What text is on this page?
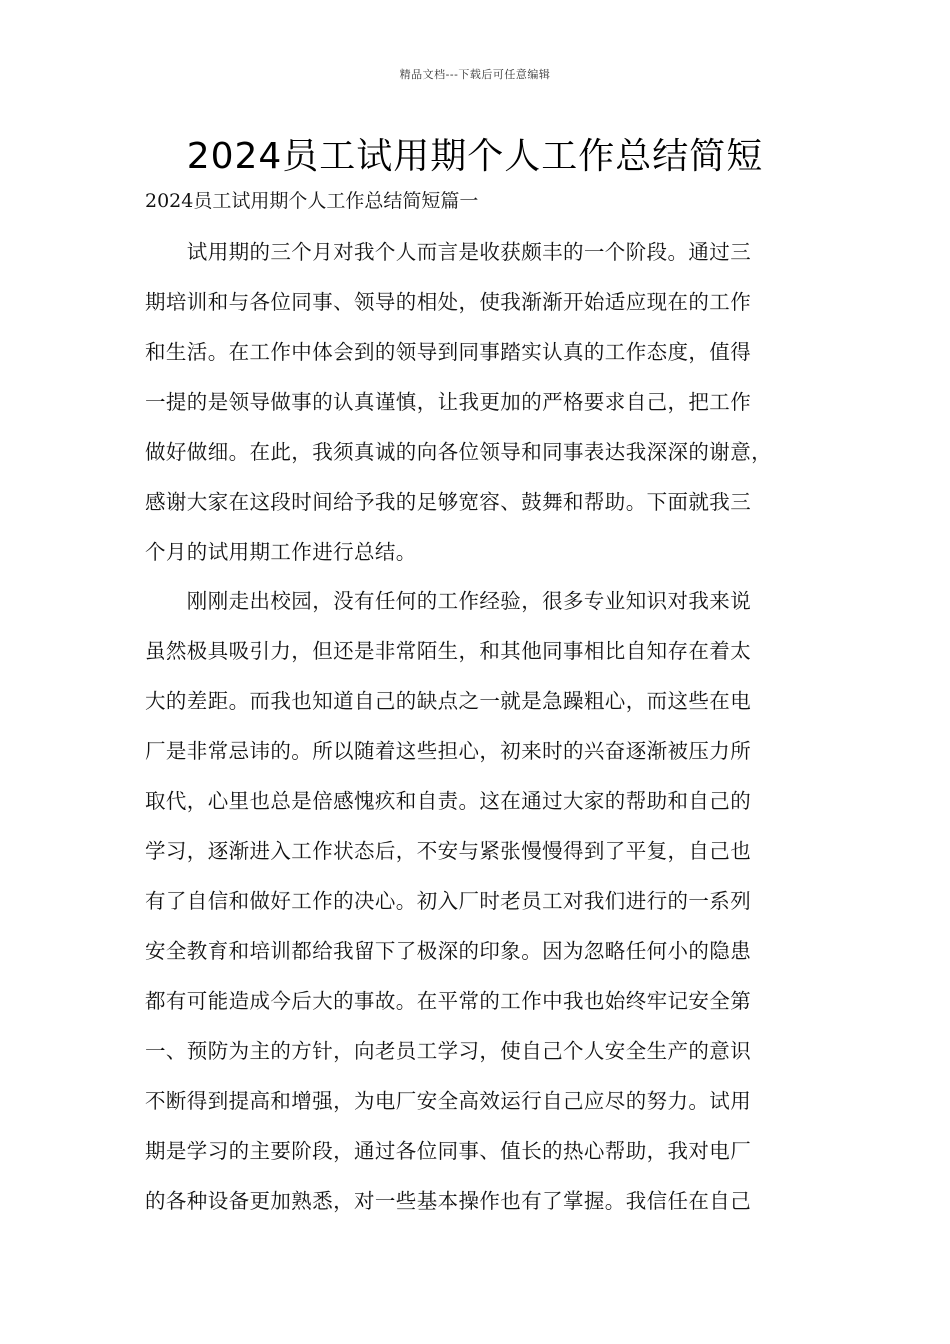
精品文档---下载后可任意编辑
2024员工试用期个人工作总结简短
2024员工试用期个人工作总结简短篇一
　　试用期的三个月对我个人而言是收获颇丰的一个阶段。通过三
期培训和与各位同事、领导的相处，使我渐渐开始适应现在的工作
和生活。在工作中体会到的领导到同事踏实认真的工作态度，值得
一提的是领导做事的认真谨慎，让我更加的严格要求自己，把工作
做好做细。在此，我须真诚的向各位领导和同事表达我深深的谢意，
感谢大家在这段时间给予我的足够宽容、鼓舞和帮助。下面就我三
个月的试用期工作进行总结。
　　刚刚走出校园，没有任何的工作经验，很多专业知识对我来说
虽然极具吸引力，但还是非常陌生，和其他同事相比自知存在着太
大的差距。而我也知道自己的缺点之一就是急躁粗心，而这些在电
厂是非常忌讳的。所以随着这些担心，初来时的兴奋逐渐被压力所
取代，心里也总是倍感愧疚和自责。这在通过大家的帮助和自己的
学习，逐渐进入工作状态后，不安与紧张慢慢得到了平复，自己也
有了自信和做好工作的决心。初入厂时老员工对我们进行的一系列
安全教育和培训都给我留下了极深的印象。因为忽略任何小的隐患
都有可能造成今后大的事故。在平常的工作中我也始终牢记安全第
一、预防为主的方针，向老员工学习，使自己个人安全生产的意识
不断得到提高和增强，为电厂安全高效运行自己应尽的努力。试用
期是学习的主要阶段，通过各位同事、值长的热心帮助，我对电厂
的各种设备更加熟悉，对一些基本操作也有了掌握。我信任在自己
